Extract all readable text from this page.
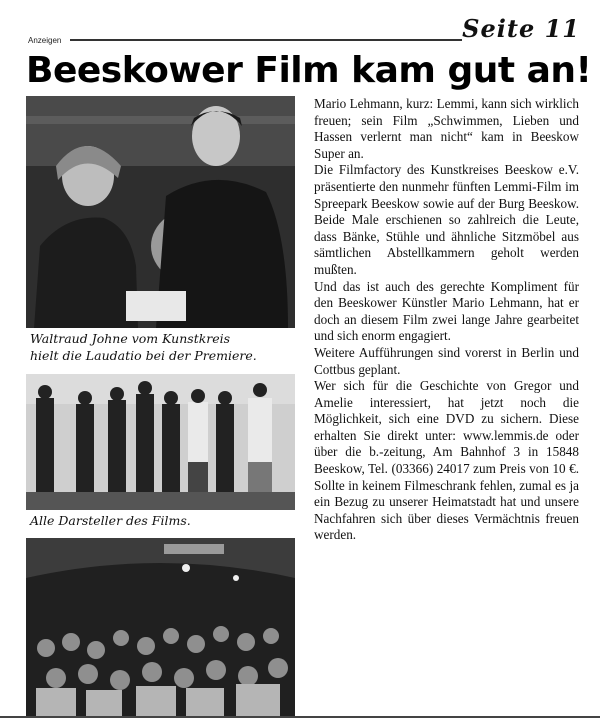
Anzeigen	Seite 11
Beeskower Film kam gut an!
Waltraud Johne vom Kunstkreis
hielt die Laudatio bei der Premiere.
Alle Darsteller des Films.

Mario Lehmann, kurz: Lemmi, kann sich wirklich freuen; sein Film „Schwimmen, Lieben und Hassen verlernt man nicht“ kam in Beeskow Super an.

Die Filmfactory des Kunstkreises Beeskow e.V. präsentierte den nunmehr fünften Lemmi-Film im Spreepark Beeskow sowie auf der Burg Beeskow. Beide Male erschienen so zahlreich die Leute, dass Bänke, Stühle und ähnliche Sitzmöbel aus sämtlichen Abstellkammern geholt werden mußten.

Und das ist auch des gerechte Kompliment für den Beeskower Künstler Mario Lehmann, hat er doch an diesem Film zwei lange Jahre gearbeitet und sich enorm engagiert.

Weitere Aufführungen sind vorerst in Berlin und Cottbus geplant.

Wer sich für die Geschichte von Gregor und Amelie interessiert, hat jetzt noch die Möglichkeit, sich eine DVD zu sichern. Diese erhalten Sie direkt unter: www.lemmis.de oder über die b.-zeitung, Am Bahnhof 3 in 15848 Beeskow, Tel. (03366) 24017 zum Preis von 10 €. Sollte in keinem Filmeschrank fehlen, zumal es ja ein Bezug zu unserer Heimatstadt hat und unsere Nachfahren sich über dieses Vermächtnis freuen werden.
